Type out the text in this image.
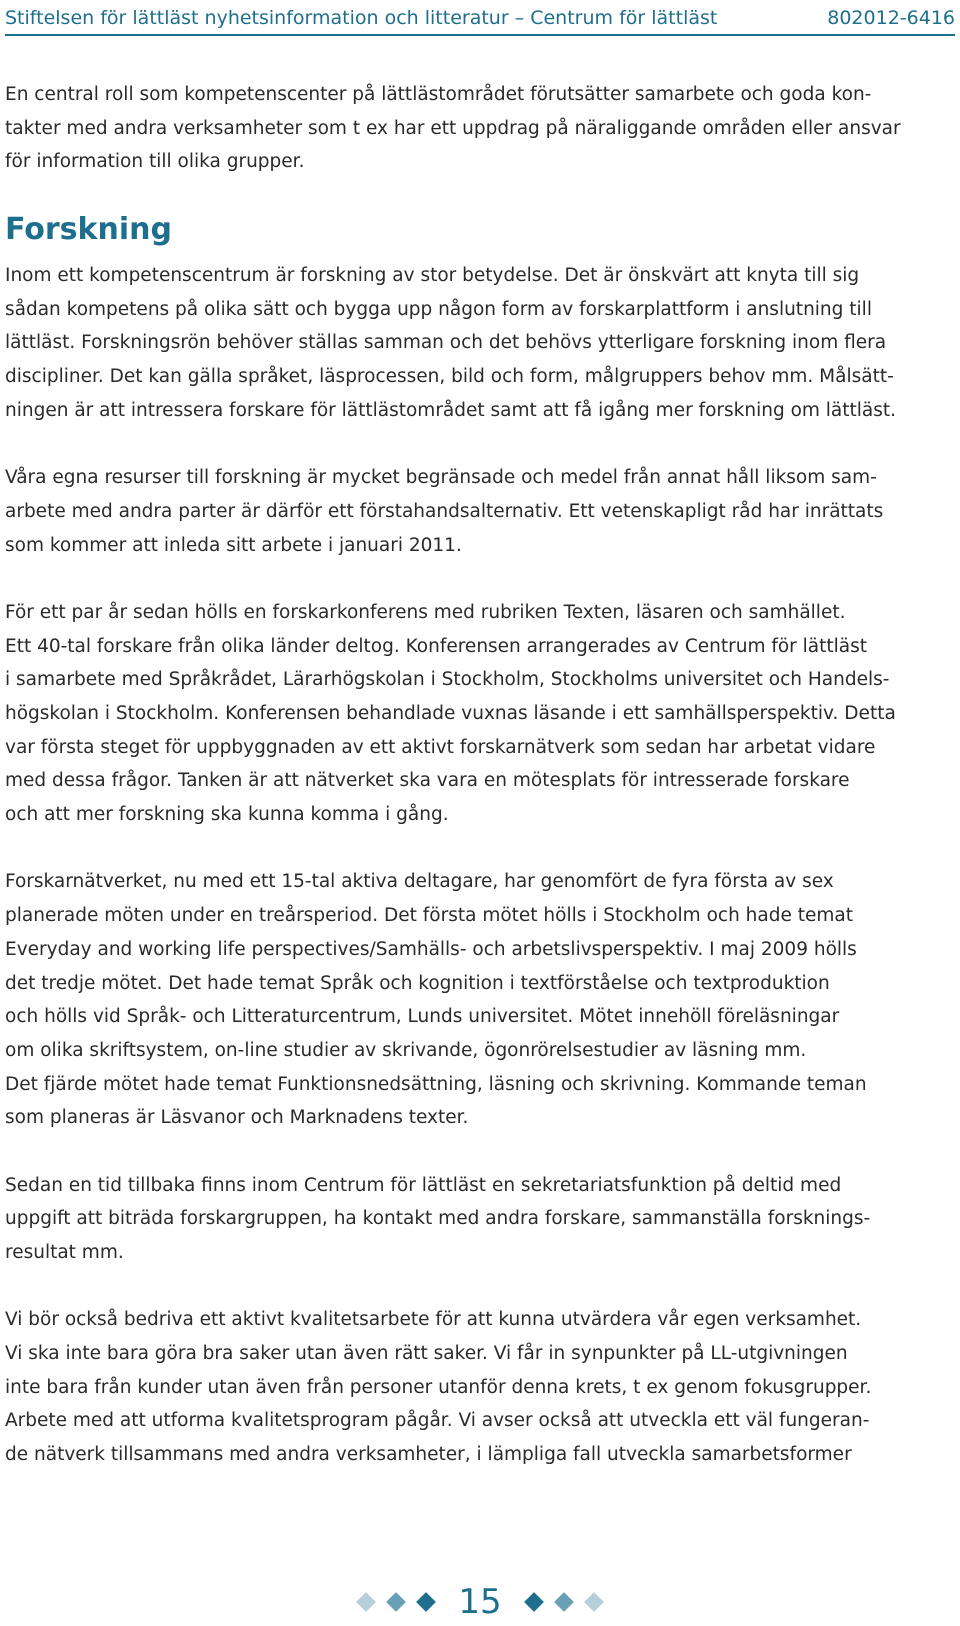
Stiftelsen för lättläst nyhetsinformation och litteratur – Centrum för lättläst	802012-6416
En central roll som kompetenscenter på lättlästområdet förutsätter samarbete och goda kon-
takter med andra verksamheter som t ex har ett uppdrag på näraliggande områden eller ansvar
för information till olika grupper.
Forskning
Inom ett kompetenscentrum är forskning av stor betydelse. Det är önskvärt att knyta till sig
sådan kompetens på olika sätt och bygga upp någon form av forskarplattform i anslutning till
lättläst. Forskningsrön behöver ställas samman och det behövs ytterligare forskning inom flera
discipliner. Det kan gälla språket, läsprocessen, bild och form, målgruppers behov mm. Målsätt-
ningen är att intressera forskare för lättlästområdet samt att få igång mer forskning om lättläst.
Våra egna resurser till forskning är mycket begränsade och medel från annat håll liksom sam-
arbete med andra parter är därför ett förstahandsalternativ. Ett vetenskapligt råd har inrättats
som kommer att inleda sitt arbete i januari 2011.
För ett par år sedan hölls en forskarkonferens med rubriken Texten, läsaren och samhället.
Ett 40-tal forskare från olika länder deltog. Konferensen arrangerades av Centrum för lättläst
i samarbete med Språkrådet, Lärarhögskolan i Stockholm, Stockholms universitet och Handels-
högskolan i Stockholm. Konferensen behandlade vuxnas läsande i ett samhällsperspektiv. Detta
var första steget för uppbyggnaden av ett aktivt forskarnätverk som sedan har arbetat vidare
med dessa frågor. Tanken är att nätverket ska vara en mötesplats för intresserade forskare
och att mer forskning ska kunna komma i gång.
Forskarnätverket, nu med ett 15-tal aktiva deltagare, har genomfört de fyra första av sex
planerade möten under en treårsperiod. Det första mötet hölls i Stockholm och hade temat
Everyday and working life perspectives/Samhälls- och arbetslivsperspektiv. I maj 2009 hölls
det tredje mötet. Det hade temat Språk och kognition i textförståelse och textproduktion
och hölls vid Språk- och Litteraturcentrum, Lunds universitet. Mötet innehöll föreläsningar
om olika skriftsystem, on-line studier av skrivande, ögonrörelsestudier av läsning mm.
Det fjärde mötet hade temat Funktionsnedsättning, läsning och skrivning. Kommande teman
som planeras är Läsvanor och Marknadens texter.
Sedan en tid tillbaka finns inom Centrum för lättläst en sekretariatsfunktion på deltid med
uppgift att biträda forskargruppen, ha kontakt med andra forskare, sammanställa forsknings-
resultat mm.
Vi bör också bedriva ett aktivt kvalitetsarbete för att kunna utvärdera vår egen verksamhet.
Vi ska inte bara göra bra saker utan även rätt saker. Vi får in synpunkter på LL-utgivningen
inte bara från kunder utan även från personer utanför denna krets, t ex genom fokusgrupper.
Arbete med att utforma kvalitetsprogram pågår. Vi avser också att utveckla ett väl fungeran-
de nätverk tillsammans med andra verksamheter, i lämpliga fall utveckla samarbetsformer
15
